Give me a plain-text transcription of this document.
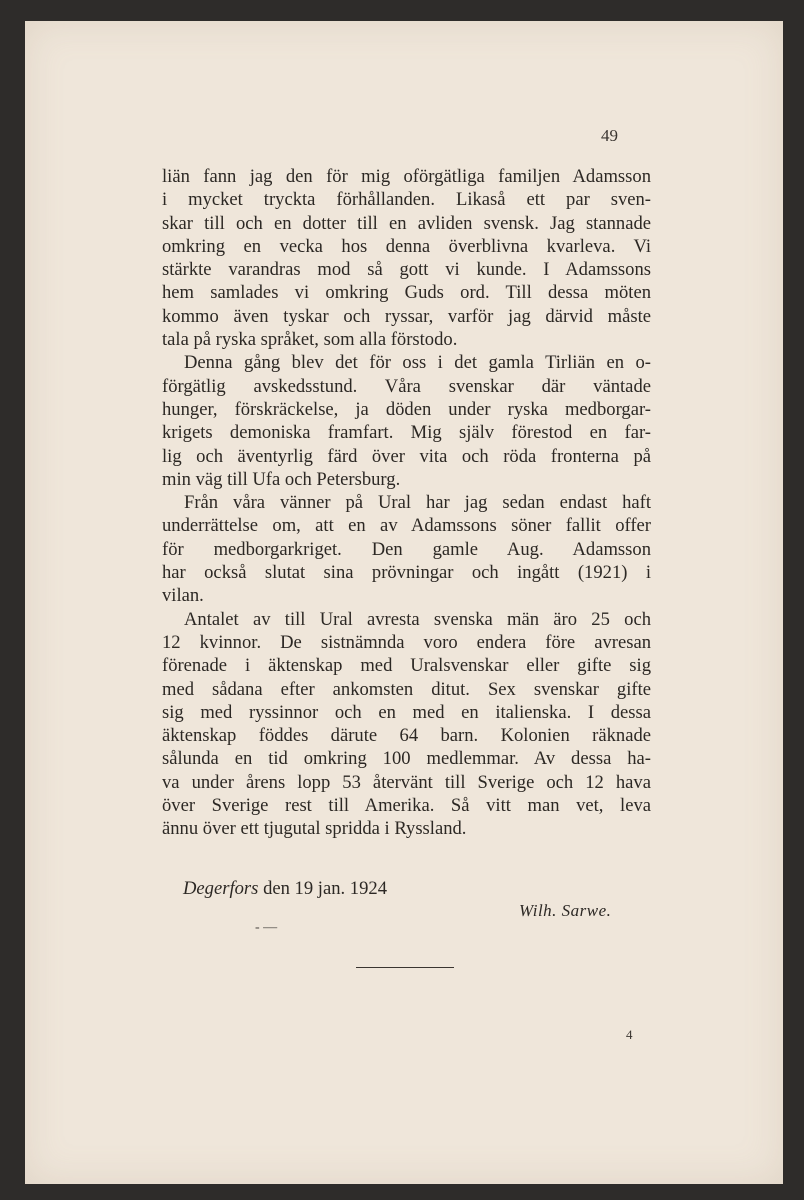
49
liän fann jag den för mig oförgätliga familjen Adamsson
i mycket tryckta förhållanden. Likaså ett par sven-
skar till och en dotter till en avliden svensk. Jag stannade
omkring en vecka hos denna överblivna kvarleva. Vi
stärkte varandras mod så gott vi kunde. I Adamssons
hem samlades vi omkring Guds ord. Till dessa möten
kommo även tyskar och ryssar, varför jag därvid måste
tala på ryska språket, som alla förstodo.
Denna gång blev det för oss i det gamla Tirliän en o-
förgätlig avskedsstund. Våra svenskar där väntade
hunger, förskräckelse, ja döden under ryska medborgar-
krigets demoniska framfart. Mig själv förestod en far-
lig och äventyrlig färd över vita och röda fronterna på
min väg till Ufa och Petersburg.
Från våra vänner på Ural har jag sedan endast haft
underrättelse om, att en av Adamssons söner fallit offer
för medborgarkriget. Den gamle Aug. Adamsson
har också slutat sina prövningar och ingått (1921) i
vilan.
Antalet av till Ural avresta svenska män äro 25 och
12 kvinnor. De sistnämnda voro endera före avresan
förenade i äktenskap med Uralsvenskar eller gifte sig
med sådana efter ankomsten ditut. Sex svenskar gifte
sig med ryssinnor och en med en italienska. I dessa
äktenskap föddes därute 64 barn. Kolonien räknade
sålunda en tid omkring 100 medlemmar. Av dessa ha-
va under årens lopp 53 återvänt till Sverige och 12 hava
över Sverige rest till Amerika. Så vitt man vet, leva
ännu över ett tjugutal spridda i Ryssland.
Degerfors den 19 jan. 1924
Wilh. Sarwe.
- —
4
